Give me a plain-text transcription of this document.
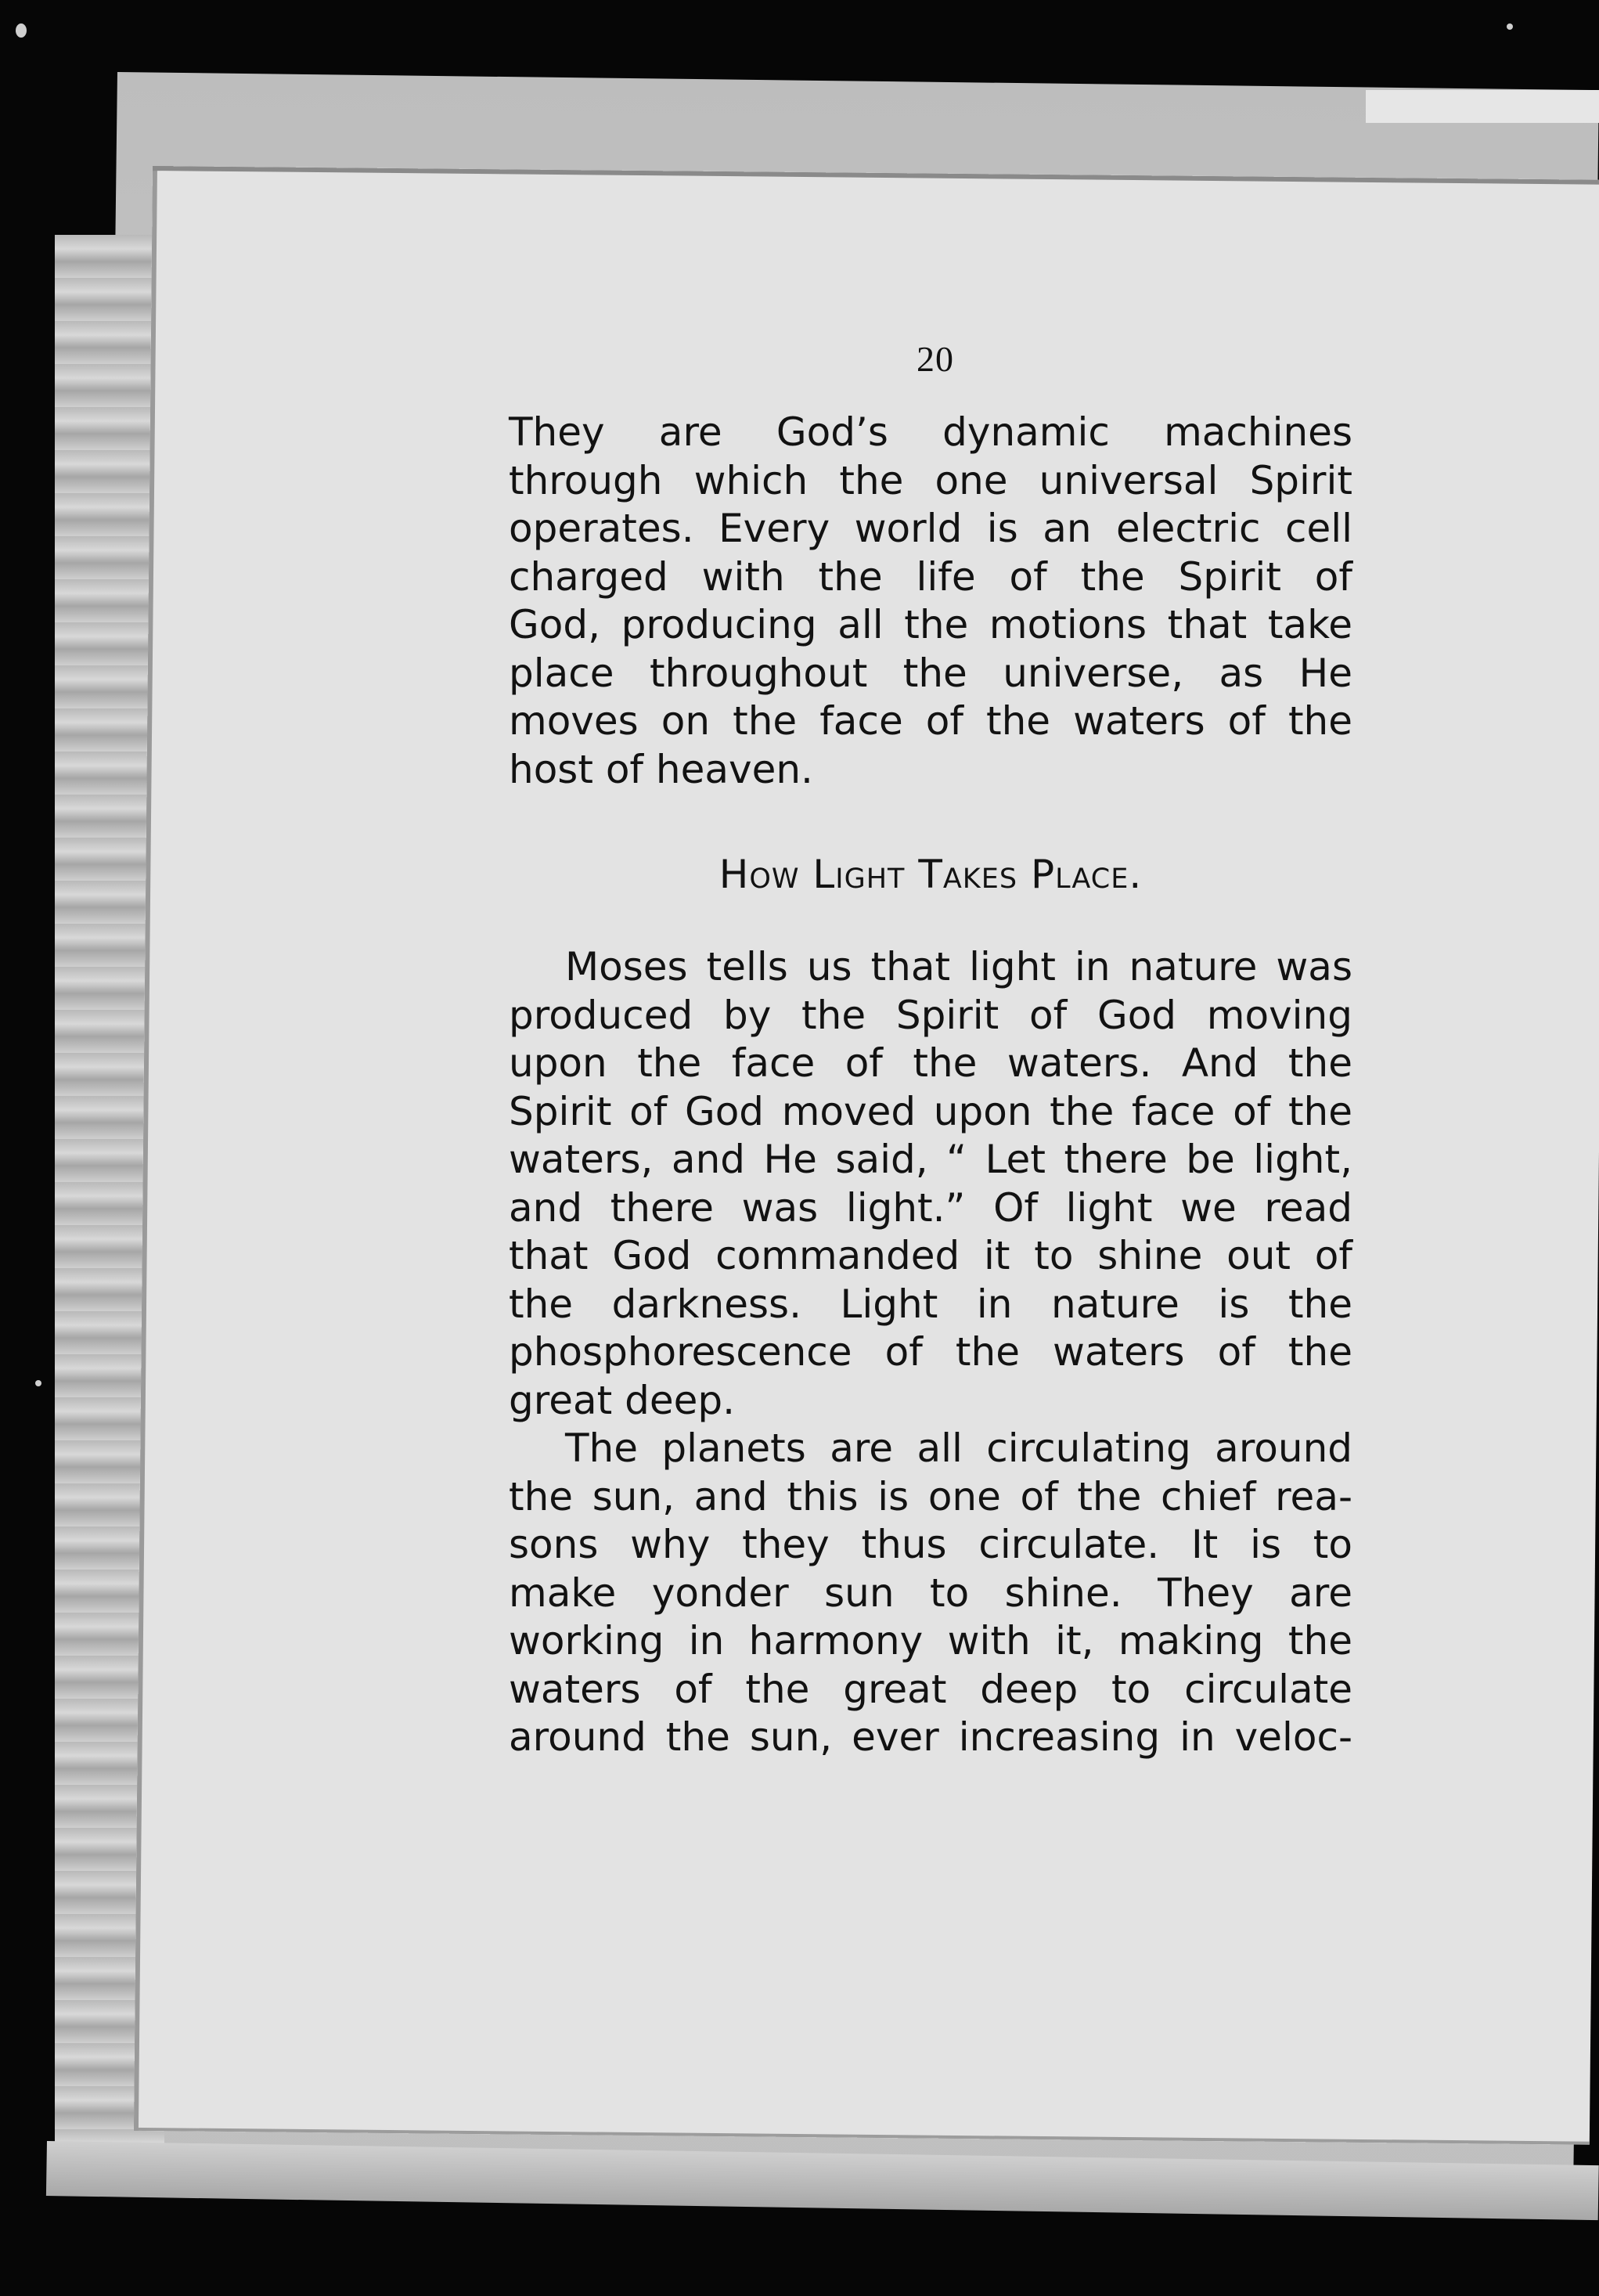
20
They are God’s dynamic machines
through which the one universal Spirit
operates. Every world is an electric cell
charged with the life of the Spirit of
God, producing all the motions that take
place throughout the universe, as He
moves on the face of the waters of the
host of heaven.
How Light Takes Place.
Moses tells us that light in nature was
produced by the Spirit of God moving
upon the face of the waters. And the
Spirit of God moved upon the face of the
waters, and He said, “ Let there be light,
and there was light.” Of light we read
that God commanded it to shine out of
the darkness. Light in nature is the
phosphorescence of the waters of the
great deep.
The planets are all circulating around
the sun, and this is one of the chief rea-
sons why they thus circulate. It is to
make yonder sun to shine. They are
working in harmony with it, making the
waters of the great deep to circulate
around the sun, ever increasing in veloc-
